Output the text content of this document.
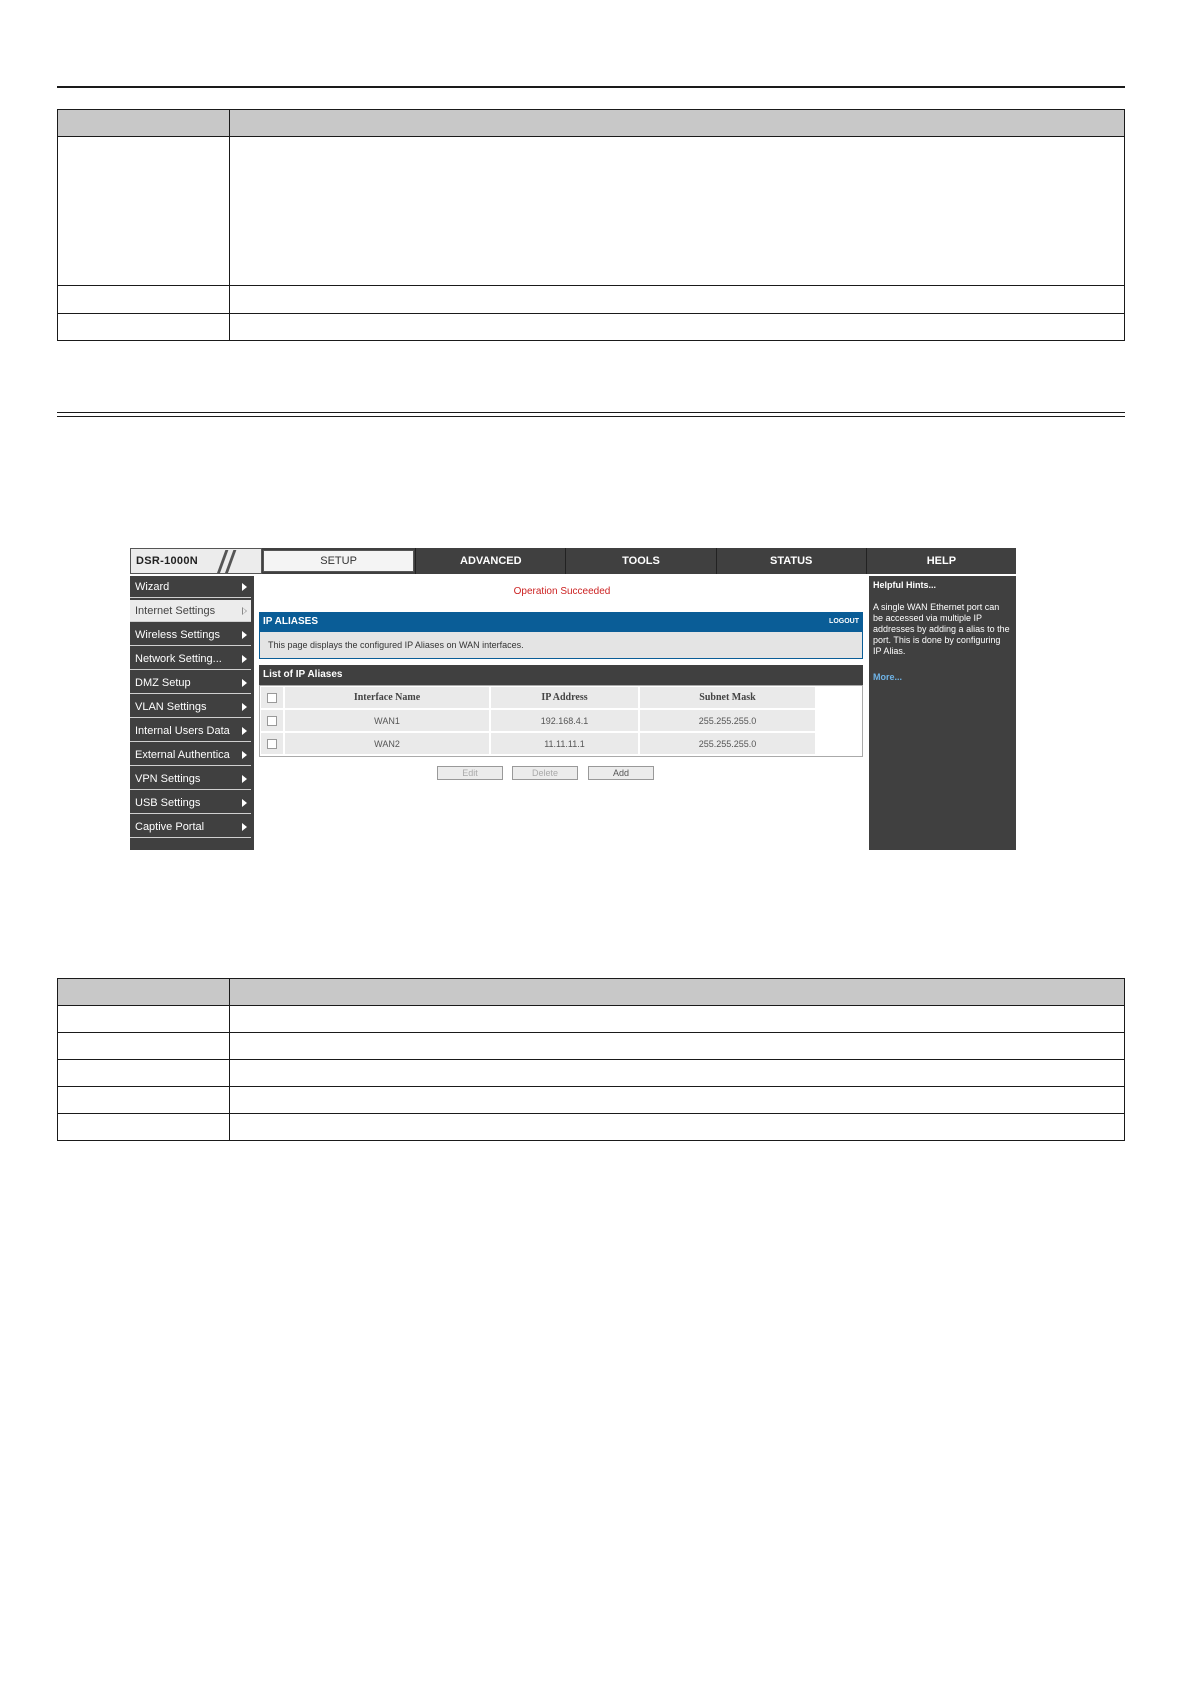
DSR-1000N	SETUP	ADVANCED	TOOLS	STATUS	HELP
Wizard
Internet Settings
Wireless Settings
Network Setting...
DMZ Setup
VLAN Settings
Internal Users Data
External Authentica
VPN Settings
USB Settings
Captive Portal
Operation Succeeded
IP ALIASES	LOGOUT
This page displays the configured IP Aliases on WAN interfaces.
List of IP Aliases
Interface Name	IP Address	Subnet Mask
WAN1	192.168.4.1	255.255.255.0
WAN2	11.11.11.1	255.255.255.0
Edit	Delete	Add
Helpful Hints...
A single WAN Ethernet port can be accessed via multiple IP addresses by adding a alias to the port. This is done by configuring IP Alias.
More...
